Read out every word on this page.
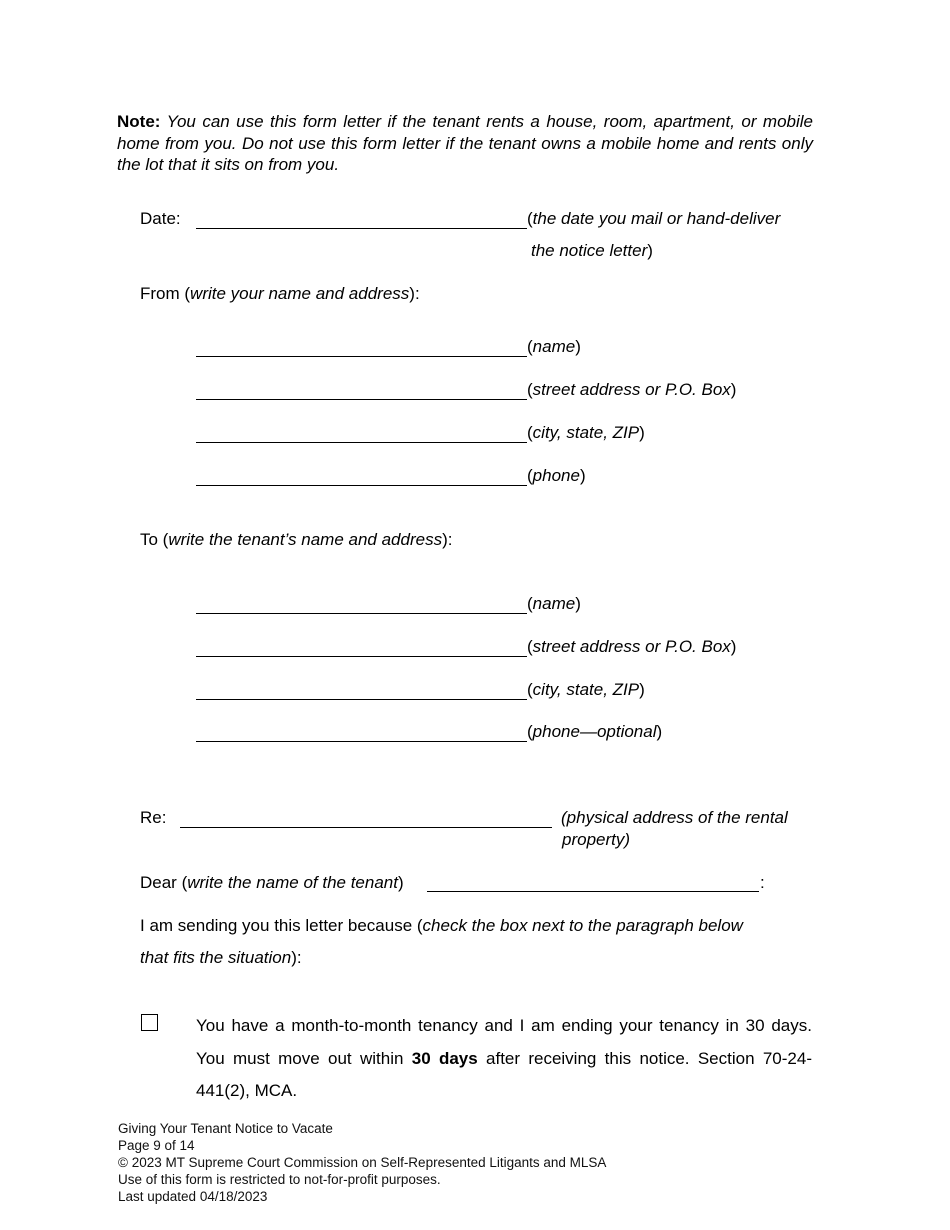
Note: You can use this form letter if the tenant rents a house, room, apartment, or mobile home from you. Do not use this form letter if the tenant owns a mobile home and rents only the lot that it sits on from you.
Date:	(the date you mail or hand-deliver
the notice letter)
From (write your name and address):
(name)
(street address or P.O. Box)
(city, state, ZIP)
(phone)
To (write the tenant’s name and address):
(name)
(street address or P.O. Box)
(city, state, ZIP)
(phone—optional)
Re:	(physical address of the rental
property)
Dear (write the name of the tenant)	:
I am sending you this letter because (check the box next to the paragraph below
that fits the situation):
You have a month-to-month tenancy and I am ending your tenancy in 30 days. You must move out within 30 days after receiving this notice. Section 70-24-441(2), MCA.
Giving Your Tenant Notice to Vacate
Page 9 of 14
© 2023 MT Supreme Court Commission on Self-Represented Litigants and MLSA
Use of this form is restricted to not-for-profit purposes.
Last updated 04/18/2023
